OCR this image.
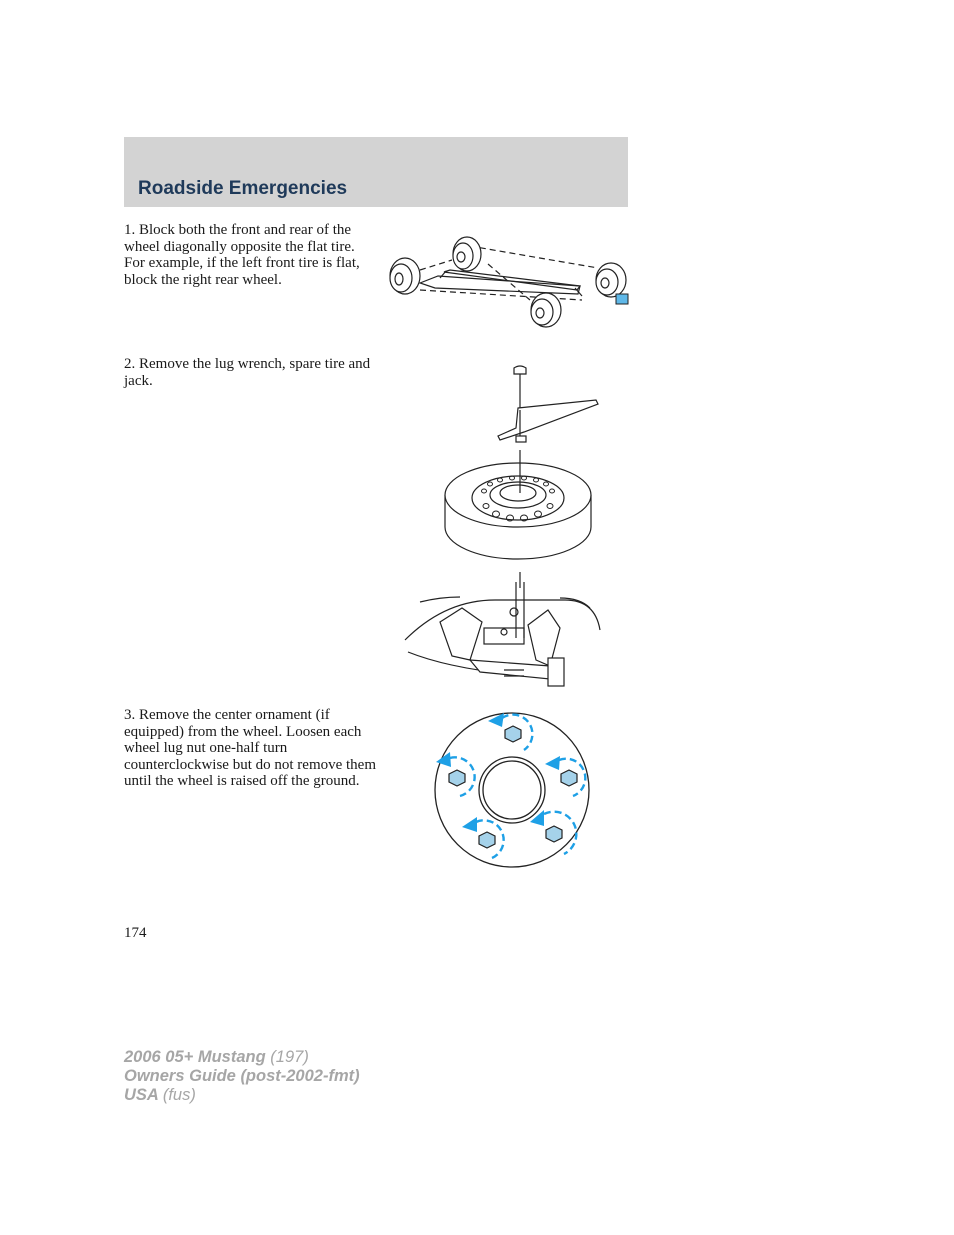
Roadside Emergencies

1. Block both the front and rear of the wheel diagonally opposite the flat tire. For example, if the left front tire is flat, block the right rear wheel.

2. Remove the lug wrench, spare tire and jack.

3. Remove the center ornament (if equipped) from the wheel. Loosen each wheel lug nut one-half turn counterclockwise but do not remove them until the wheel is raised off the ground.

174

2006 05+ Mustang (197)
Owners Guide (post-2002-fmt)
USA (fus)
